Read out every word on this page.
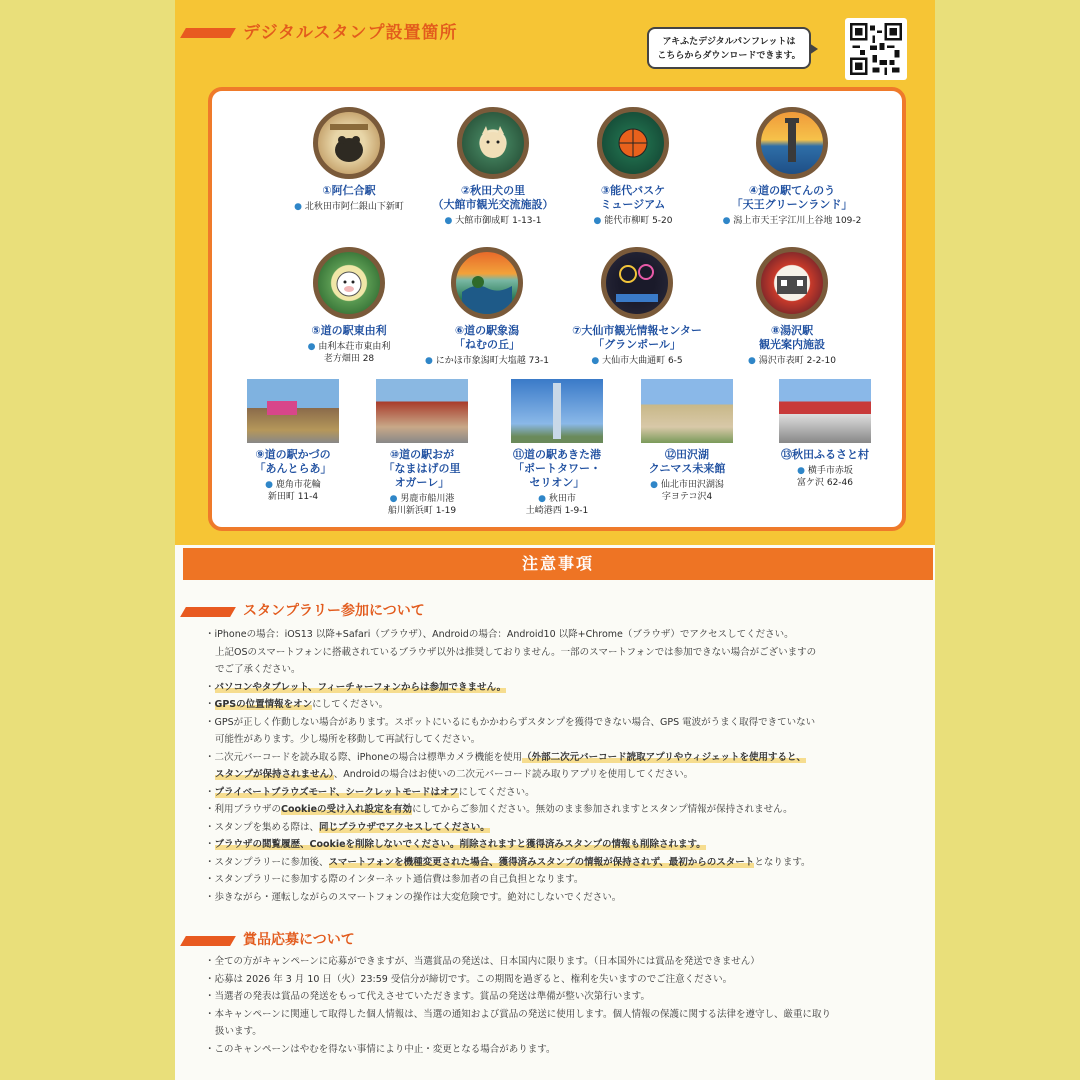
デジタルスタンプ設置箇所	アキふたデジタルパンフレットは
こちらからダウンロードできます。
①阿仁合駅
● 北秋田市阿仁銀山下新町
②秋田犬の里
（大館市観光交流施設）
● 大館市御成町 1-13-1
③能代バスケ
ミュージアム
● 能代市柳町 5-20
④道の駅てんのう
「天王グリーンランド」
● 潟上市天王字江川上谷地 109-2
⑤道の駅東由利
● 由利本荘市東由利
老方畑田 28
⑥道の駅象潟
「ねむの丘」
● にかほ市象潟町大塩越 73-1
⑦大仙市観光情報センター
「グランポール」
● 大仙市大曲通町 6-5
⑧湯沢駅
観光案内施設
● 湯沢市表町 2-2-10
⑨道の駅かづの
「あんとらあ」
● 鹿角市花輪
新田町 11-4
⑩道の駅おが
「なまはげの里
オガーレ」
● 男鹿市船川港
船川新浜町 1-19
⑪道の駅あきた港
「ポートタワー・
セリオン」
● 秋田市
土崎港西 1-9-1
⑫田沢湖
クニマス未来館
● 仙北市田沢湖潟
字ヨテコ沢4
⑬秋田ふるさと村
● 横手市赤坂
富ケ沢 62-46
注意事項
スタンプラリー参加について

・iPhoneの場合：iOS13 以降+Safari（ブラウザ）、Androidの場合：Android10 以降+Chrome（ブラウザ）でアクセスしてください。

上記OSのスマートフォンに搭載されているブラウザ以外は推奨しておりません。一部のスマートフォンでは参加できない場合がございますの

でご了承ください。

・パソコンやタブレット、フィーチャーフォンからは参加できません。

・GPSの位置情報をオンにしてください。

・GPSが正しく作動しない場合があります。スポットにいるにもかかわらずスタンプを獲得できない場合、GPS 電波がうまく取得できていない

可能性があります。少し場所を移動して再試行してください。

・二次元バーコードを読み取る際、iPhoneの場合は標準カメラ機能を使用（外部二次元バーコード読取アプリやウィジェットを使用すると、

スタンプが保持されません）、Androidの場合はお使いの二次元バーコード読み取りアプリを使用してください。

・プライベートブラウズモード、シークレットモードはオフにしてください。

・利用ブラウザのCookieの受け入れ設定を有効にしてからご参加ください。無効のまま参加されますとスタンプ情報が保持されません。

・スタンプを集める際は、同じブラウザでアクセスしてください。

・ブラウザの閲覧履歴、Cookieを削除しないでください。削除されますと獲得済みスタンプの情報も削除されます。

・スタンプラリーに参加後、スマートフォンを機種変更された場合、獲得済みスタンプの情報が保持されず、最初からのスタートとなります。

・スタンプラリーに参加する際のインターネット通信費は参加者の自己負担となります。

・歩きながら・運転しながらのスマートフォンの操作は大変危険です。絶対にしないでください。

賞品応募について

・全ての方がキャンペーンに応募ができますが、当選賞品の発送は、日本国内に限ります。（日本国外には賞品を発送できません）

・応募は 2026 年 3 月 10 日（火）23:59 受信分が締切です。この期間を過ぎると、権利を失いますのでご注意ください。

・当選者の発表は賞品の発送をもって代えさせていただきます。賞品の発送は準備が整い次第行います。

・本キャンペーンに関連して取得した個人情報は、当選の通知および賞品の発送に使用します。個人情報の保護に関する法律を遵守し、厳重に取り

扱います。

・このキャンペーンはやむを得ない事情により中止・変更となる場合があります。
